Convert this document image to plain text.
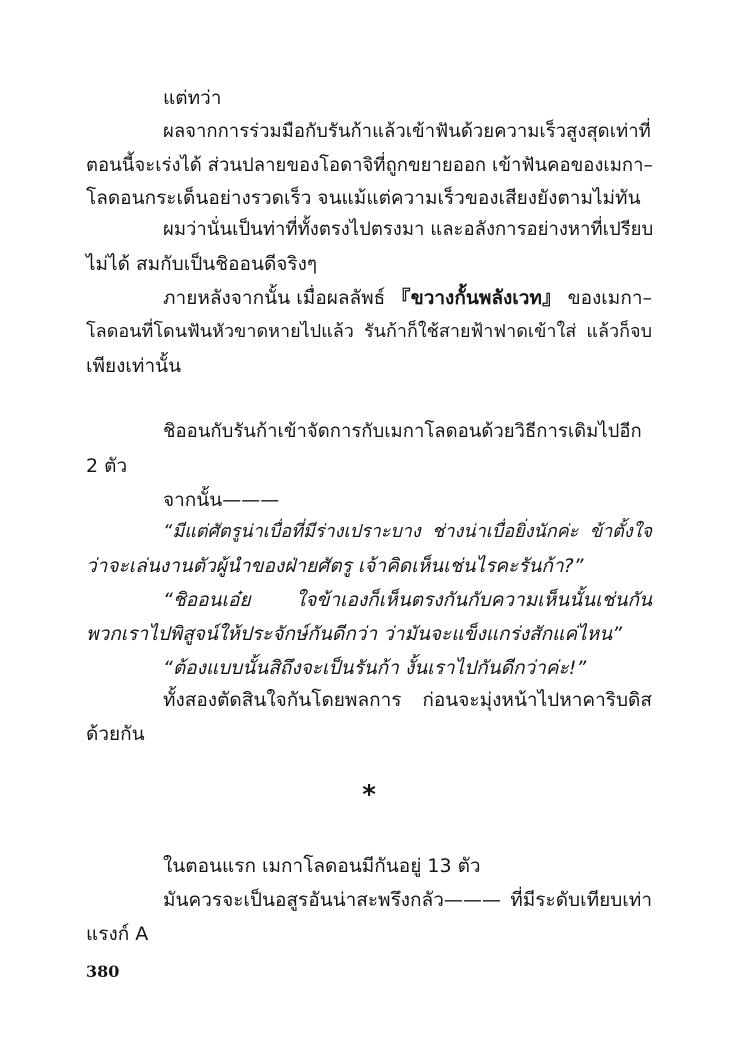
แต่ทว่า
ผลจากการร่วมมือกับรันก้าแล้วเข้าฟันด้วยความเร็วสูงสุดเท่าที่
ตอนนี้จะเร่งได้ ส่วนปลายของโอดาจิที่ถูกขยายออก เข้าฟันคอของเมกา–
โลดอนกระเด็นอย่างรวดเร็ว จนแม้แต่ความเร็วของเสียงยังตามไม่ทัน
ผมว่านั่นเป็นท่าที่ทั้งตรงไปตรงมา และอลังการอย่างหาที่เปรียบ
ไม่ได้ สมกับเป็นชิออนดีจริงๆ
ภายหลังจากนั้น เมื่อผลลัพธ์ 『ขวางกั้นพลังเวท』 ของเมกา–
โลดอนที่โดนฟันหัวขาดหายไปแล้ว รันก้าก็ใช้สายฟ้าฟาดเข้าใส่ แล้วก็จบ
เพียงเท่านั้น
ชิออนกับรันก้าเข้าจัดการกับเมกาโลดอนด้วยวิธีการเดิมไปอีก
2 ตัว
จากนั้น———
“มีแต่ศัตรูน่าเบื่อที่มีร่างเปราะบาง ช่างน่าเบื่อยิ่งนักค่ะ ข้าตั้งใจ
ว่าจะเล่นงานตัวผู้นำของฝ่ายศัตรู เจ้าคิดเห็นเช่นไรคะรันก้า?”
“ชิออนเอ๋ย ใจข้าเองก็เห็นตรงกันกับความเห็นนั้นเช่นกัน
พวกเราไปพิสูจน์ให้ประจักษ์กันดีกว่า ว่ามันจะแข็งแกร่งสักแค่ไหน”
“ต้องแบบนั้นสิถึงจะเป็นรันก้า งั้นเราไปกันดีกว่าค่ะ!”
ทั้งสองตัดสินใจกันโดยพลการ ก่อนจะมุ่งหน้าไปหาคาริบดิส
ด้วยกัน
*
ในตอนแรก เมกาโลดอนมีกันอยู่ 13 ตัว
มันควรจะเป็นอสูรอันน่าสะพรึงกลัว——— ที่มีระดับเทียบเท่า
แรงก์ A
380
